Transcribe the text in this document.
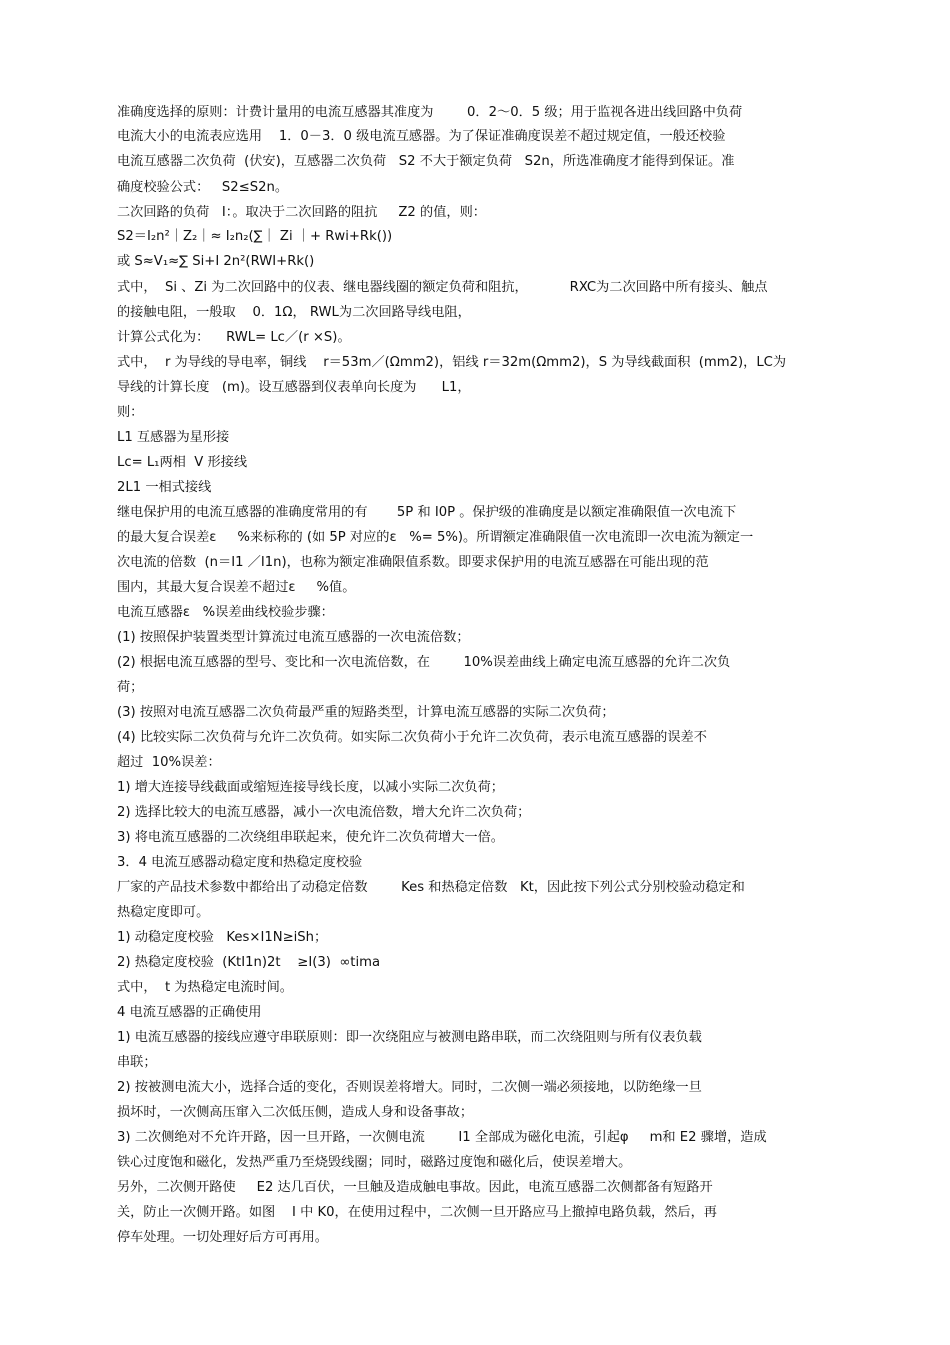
准确度选择的原则：计费计量用的电流互感器其准度为        0．2～0．5 级；用于监视各进出线回路中负荷
电流大小的电流表应选用    1．0－3．0 级电流互感器。为了保证准确度误差不超过规定值，一般还校验
电流互感器二次负荷  (伏安)，互感器二次负荷   S2 不大于额定负荷   S2n，所选准确度才能得到保证。准
确度校验公式：   S2≤S2n。
二次回路的负荷   I：。取决于二次回路的阻抗     Z2 的值，则：
S2＝I₂n²｜Z₂｜≈ I₂n₂(∑｜ Zi ｜+ Rwi+Rk())
或 S≈V₁≈∑ Si+I 2n²(RWI+Rk()
式中，  Si 、Zi 为二次回路中的仪表、继电器线圈的额定负荷和阻抗，          RXC为二次回路中所有接头、触点
的接触电阻，一般取    0．1Ω， RWL为二次回路导线电阻，
计算公式化为：    RWL= Lc／(r ×S)。
式中，  r 为导线的导电率，铜线    r＝53m／(Ωmm2)，铝线 r＝32m(Ωmm2)，S 为导线截面积  (mm2)，LC为
导线的计算长度   (m)。设互感器到仪表单向长度为      L1，
则：
L1 互感器为星形接
Lc= L₁两相  V 形接线
2L1 一相式接线
继电保护用的电流互感器的准确度常用的有       5P 和 I0P 。保护级的准确度是以额定准确限值一次电流下
的最大复合误差ε     %来标称的 (如 5P 对应的ε   %= 5%)。所谓额定准确限值一次电流即一次电流为额定一
次电流的倍数  (n＝I1 ／I1n)，也称为额定准确限值系数。即要求保护用的电流互感器在可能出现的范
围内，其最大复合误差不超过ε     %值。
电流互感器ε   %误差曲线校验步骤：
(1) 按照保护装置类型计算流过电流互感器的一次电流倍数；
(2) 根据电流互感器的型号、变比和一次电流倍数，在        10%误差曲线上确定电流互感器的允许二次负
荷；
(3) 按照对电流互感器二次负荷最严重的短路类型，计算电流互感器的实际二次负荷；
(4) 比较实际二次负荷与允许二次负荷。如实际二次负荷小于允许二次负荷，表示电流互感器的误差不
超过  10%误差：
1) 增大连接导线截面或缩短连接导线长度，以减小实际二次负荷；
2) 选择比较大的电流互感器，减小一次电流倍数，增大允许二次负荷；
3) 将电流互感器的二次绕组串联起来，使允许二次负荷增大一倍。
3．4 电流互感器动稳定度和热稳定度校验
厂家的产品技术参数中都给出了动稳定倍数        Kes 和热稳定倍数   Kt，因此按下列公式分别校验动稳定和
热稳定度即可。
1) 动稳定度校验   Kes×I1N≥iSh；
2) 热稳定度校验  (KtI1n)2t    ≥I(3)  ∞tima
式中，  t 为热稳定电流时间。
4 电流互感器的正确使用
1) 电流互感器的接线应遵守串联原则：即一次绕阻应与被测电路串联，而二次绕阻则与所有仪表负载
串联；
2) 按被测电流大小，选择合适的变化，否则误差将增大。同时，二次侧一端必须接地，以防绝缘一旦
损坏时，一次侧高压窜入二次低压侧，造成人身和设备事故；
3) 二次侧绝对不允许开路，因一旦开路，一次侧电流        I1 全部成为磁化电流，引起φ     m和 E2 骤增，造成
铁心过度饱和磁化，发热严重乃至烧毁线圈；同时，磁路过度饱和磁化后，使误差增大。
另外，二次侧开路使     E2 达几百伏，一旦触及造成触电事故。因此，电流互感器二次侧都备有短路开
关，防止一次侧开路。如图    I 中 K0，在使用过程中，二次侧一旦开路应马上撤掉电路负载，然后，再
停车处理。一切处理好后方可再用。
